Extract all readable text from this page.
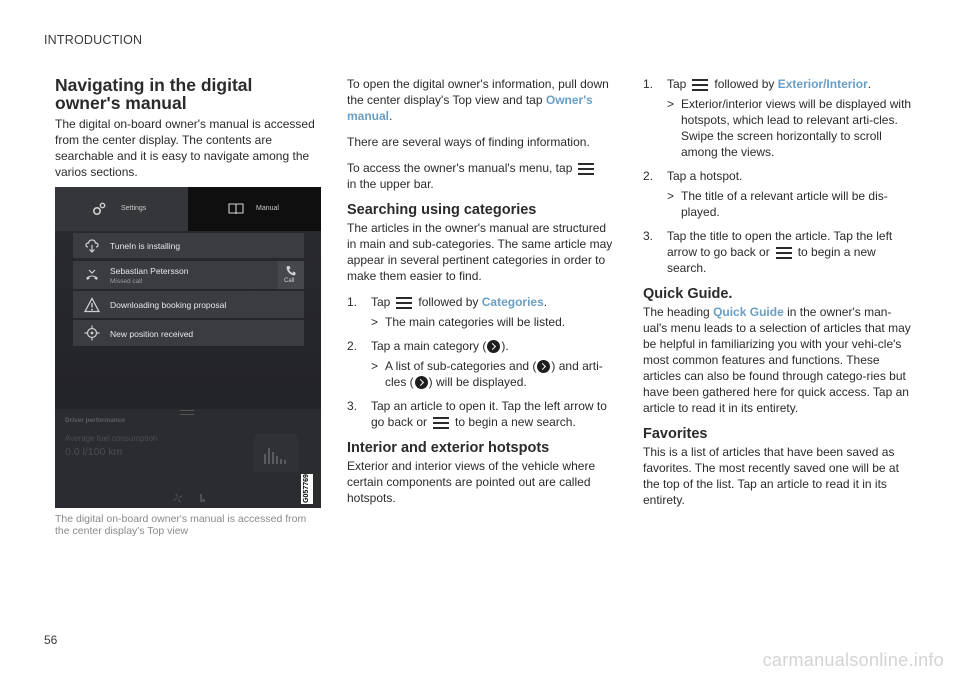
INTRODUCTION
Navigating in the digital owner's manual

The digital on-board owner's manual is accessed from the center display. The contents are searchable and it is easy to navigate among the varios sections.

Settings	Manual
TuneIn is installing
Sebastian Petersson
Missed call	Call
Downloading booking proposal
New position received
Driver performance
Average fuel consumption
0.0 l/100 km
G057769
The digital on-board owner's manual is accessed from the center display's Top view

To open the digital owner's information, pull down the center display's Top view and tap Owner's manual.

There are several ways of finding information.

To access the owner's manual's menu, tap

in the upper bar.

Searching using categories

The articles in the owner's manual are structured in main and sub-categories. The same article may appear in several pertinent categories in order to make them easier to find.

1. Tap followed by Categories.
> The main categories will be listed.
2. Tap a main category ( ).
> A list of sub-categories and ( ) and arti-cles ( ) will be displayed.
3. Tap an article to open it. Tap the left arrow to go back or to begin a new search.
Interior and exterior hotspots

Exterior and interior views of the vehicle where certain components are pointed out are called hotspots.

1. Tap followed by Exterior/Interior.
> Exterior/interior views will be displayed with hotspots, which lead to relevant arti-cles. Swipe the screen horizontally to scroll among the views.
2. Tap a hotspot.
> The title of a relevant article will be dis-played.
3. Tap the title to open the article. Tap the left arrow to go back or to begin a new search.
Quick Guide.

The heading Quick Guide in the owner's man-ual's menu leads to a selection of articles that may be helpful in familiarizing you with your vehi-cle's most common features and functions. These articles can also be found through catego-ries but have been gathered here for quick access. Tap an article to read it in its entirety.

Favorites

This is a list of articles that have been saved as favorites. The most recently saved one will be at the top of the list. Tap an article to read it in its entirety.

56
carmanualsonline.info
